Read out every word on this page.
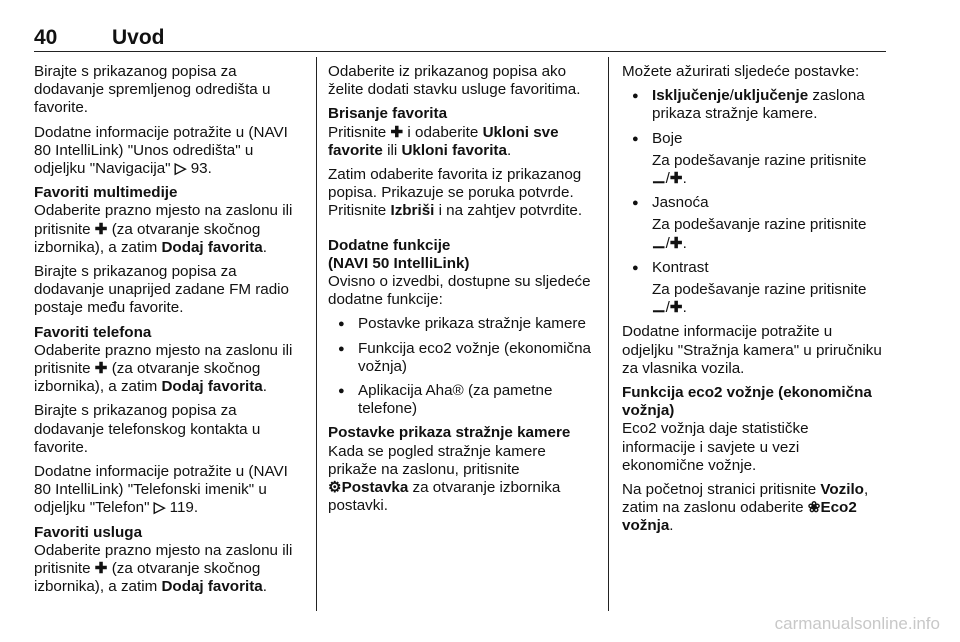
40	Uvod

Birajte s prikazanog popisa za dodavanje spremljenog odredišta u favorite.

Dodatne informacije potražite u (NAVI 80 IntelliLink) "Unos odredišta" u odjeljku "Navigacija" ▷ 93.

Favoriti multimedije

Odaberite prazno mjesto na zaslonu ili pritisnite ✚ (za otvaranje skočnog izbornika), a zatim Dodaj favorita.

Birajte s prikazanog popisa za dodavanje unaprijed zadane FM radio postaje među favorite.

Favoriti telefona

Odaberite prazno mjesto na zaslonu ili pritisnite ✚ (za otvaranje skočnog izbornika), a zatim Dodaj favorita.

Birajte s prikazanog popisa za dodavanje telefonskog kontakta u favorite.

Dodatne informacije potražite u (NAVI 80 IntelliLink) "Telefonski imenik" u odjeljku "Telefon" ▷ 119.

Favoriti usluga

Odaberite prazno mjesto na zaslonu ili pritisnite ✚ (za otvaranje skočnog izbornika), a zatim Dodaj favorita.

Odaberite iz prikazanog popisa ako želite dodati stavku usluge favoritima.

Brisanje favorita

Pritisnite ✚ i odaberite Ukloni sve favorite ili Ukloni favorita.

Zatim odaberite favorita iz prikazanog popisa. Prikazuje se poruka potvrde.

Pritisnite Izbriši i na zahtjev potvrdite.

Dodatne funkcije
(NAVI 50 IntelliLink)

Ovisno o izvedbi, dostupne su sljedeće dodatne funkcije:

● Postavke prikaza stražnje kamere
● Funkcija eco2 vožnje (ekonomična vožnja)
● Aplikacija Aha® (za pametne telefone)
Postavke prikaza stražnje kamere

Kada se pogled stražnje kamere prikaže na zaslonu, pritisnite
⚙Postavka za otvaranje izbornika postavki.

Možete ažurirati sljedeće postavke:

● Isključenje/uključenje zaslona prikaza stražnje kamere.
● Boje
Za podešavanje razine pritisnite ⚊/✚.
● Jasnoća
Za podešavanje razine pritisnite ⚊/✚.
● Kontrast
Za podešavanje razine pritisnite ⚊/✚.

Dodatne informacije potražite u odjeljku "Stražnja kamera" u priručniku za vlasnika vozila.

Funkcija eco2 vožnje (ekonomična vožnja)

Eco2 vožnja daje statističke informacije i savjete u vezi ekonomične vožnje.

Na početnoj stranici pritisnite Vozilo, zatim na zaslonu odaberite ❀Eco2 vožnja.

carmanualsonline.info
